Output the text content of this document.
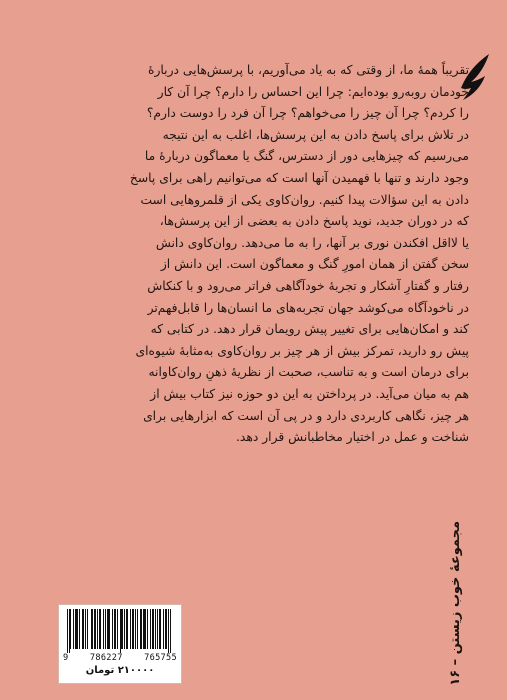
تقریباً همهٔ ما، از وقتی که به یاد می‌آوریم، با پرسش‌هایی دربارهٔ

خودمان روبه‌رو بوده‌ایم: چرا این احساس را دارم؟ چرا آن کار

را کردم؟ چرا آن چیز را می‌خواهم؟ چرا آن فرد را دوست دارم؟

در تلاش برای پاسخ دادن به این پرسش‌ها، اغلب به این نتیجه

می‌رسیم که چیزهایی دور از دسترس، گنگ یا معماگون دربارهٔ ما

وجود دارند و تنها با فهمیدن آنها است که می‌توانیم راهی برای پاسخ

دادن به این سؤالات پیدا کنیم. روان‌کاوی یکی از قلمروهایی است

که در دوران جدید، نوید پاسخ دادن به بعضی از این پرسش‌ها،

یا لااقل افکندن نوری بر آنها، را به ما می‌دهد. روان‌کاوی دانش

سخن گفتن از همان امورِ گنگ و معماگون است. این دانش از

رفتار و گفتارِ آشکار و تجربهٔ خودآگاهی فراتر می‌رود و با کنکاش

در ناخودآگاه می‌کوشد جهان تجربه‌های ما انسان‌ها را قابل‌فهم‌تر

کند و امکان‌هایی برای تغییر پیش رویمان قرار دهد. در کتابی که

پیش رو دارید، تمرکز بیش از هر چیز بر روان‌کاوی به‌مثابهٔ شیوه‌ای

برای درمان است و به تناسب، صحبت از نظریهٔ ذهنِ روان‌کاوانه

هم به میان می‌آید. در پرداختن به این دو حوزه نیز کتاب بیش از

هر چیز، نگاهی کاربردی دارد و در پی آن است که ابزارهایی برای

شناخت و عمل در اختیار مخاطبانش قرار دهد.

مجموعهٔ خوب زیستن – ۱۶
9 786227 765755
۲۱۰۰۰۰ تومان
